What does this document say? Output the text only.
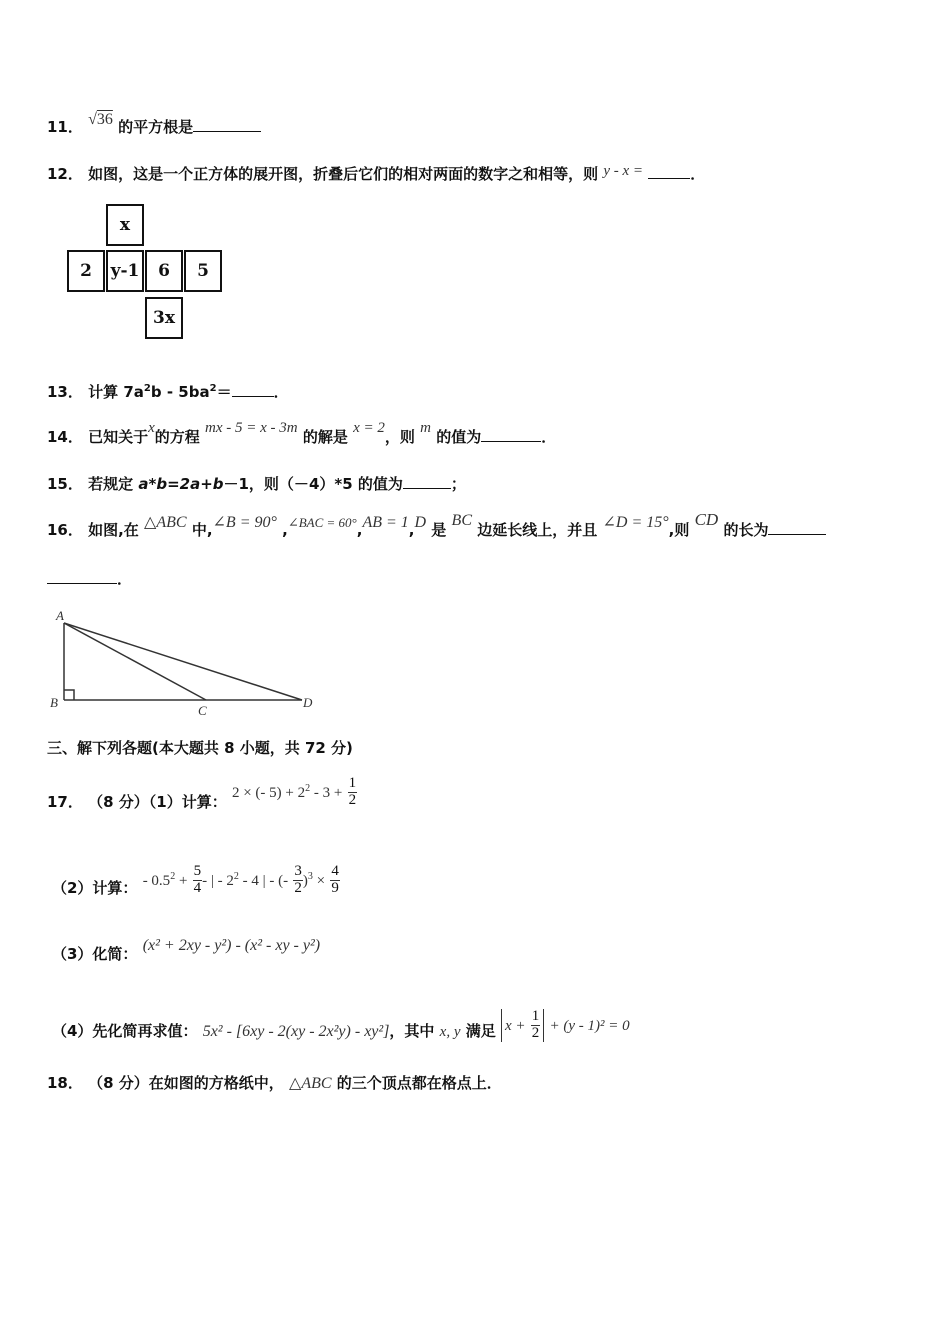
11． √36 的平方根是
12． 如图，这是一个正方体的展开图，折叠后它们的相对两面的数字之和相等，则 y - x =	．
x
2	y-1	6	5
3x
13． 计算 $7a^2b - 5ba^2=$	．
14． 已知关于x的方程 mx - 5 = x - 3m 的解是 x = 2，则 m 的值为	．
15． 若规定 a*b=2a+b－1，则（－4）*5 的值为	；
16． 如图,在 △ABC 中,∠B = 90° ,∠BAC = 60°,AB = 1,D 是 BC 边延长线上，并且 ∠D = 15°,则 CD 的长为
．
A
B
C
D
三、解下列各题(本大题共 8 小题，共 72 分)
17． （8 分）（1）计算： 2 × (- $5) + 2^2 - 3 + \frac{1}{2}$
（2）计算： - $0.5^2 + \frac{5}{4}$ - | - $2^2 - 4$ | - (- $\frac{3}{2} )^3 \times \frac{4}{9}$
（3）化简： (x² + 2xy - y²) - (x² - xy - y²)
（4）先化简再求值： 5x² - [6xy - 2(xy - 2x²y) - xy²]，其中 x, y 满足 $x + \frac{1}{2} + (y - 1)^2 = 0$
18． （8 分）在如图的方格纸中， △ABC 的三个顶点都在格点上．
